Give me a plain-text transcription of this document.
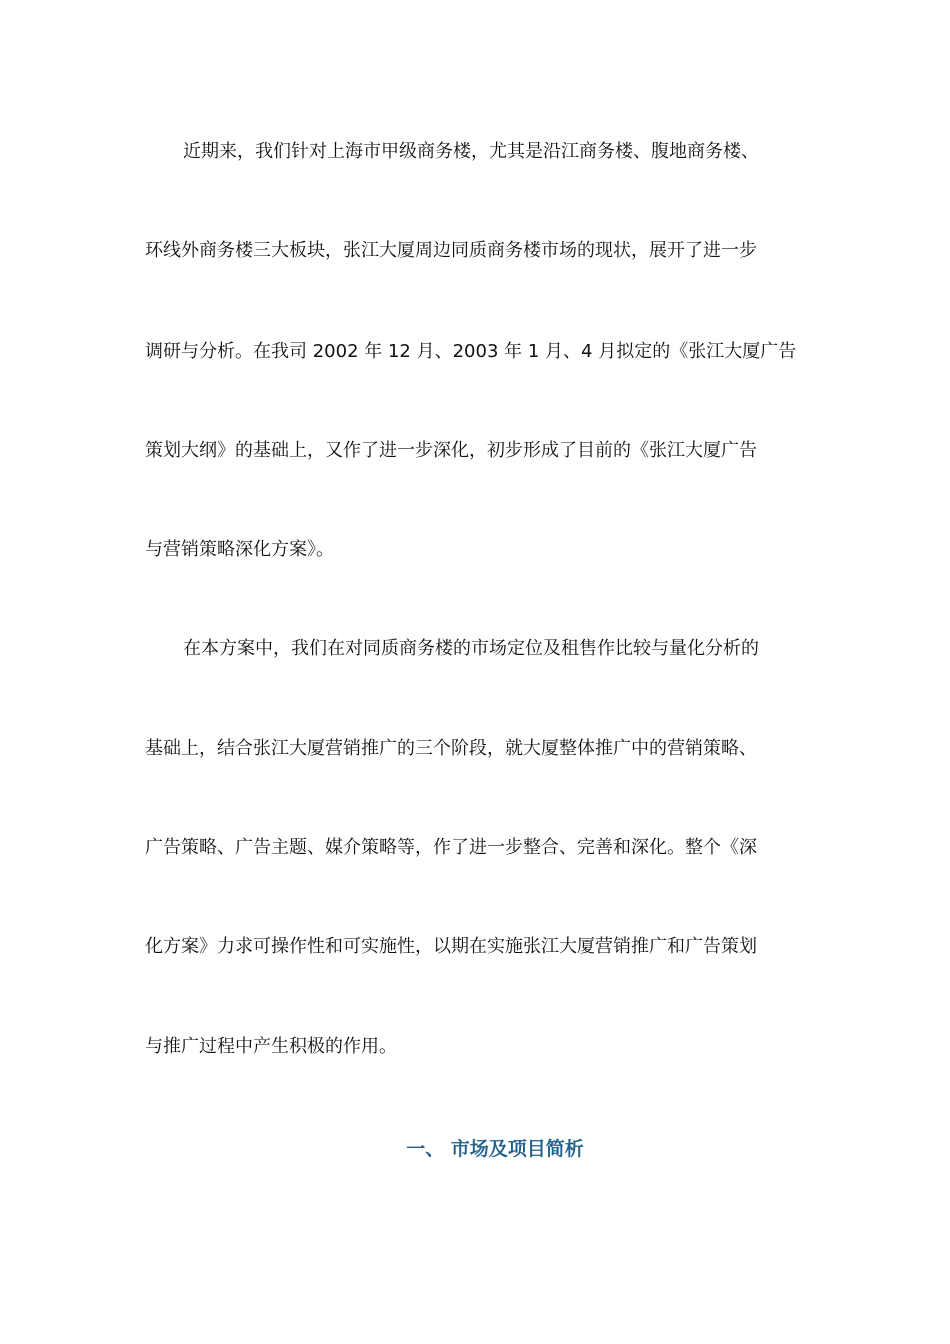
近期来，我们针对上海市甲级商务楼，尤其是沿江商务楼、腹地商务楼、
环线外商务楼三大板块，张江大厦周边同质商务楼市场的现状，展开了进一步
调研与分析。在我司 2002 年 12 月、2003 年 1 月、4 月拟定的《张江大厦广告
策划大纲》的基础上，又作了进一步深化，初步形成了目前的《张江大厦广告
与营销策略深化方案》。
在本方案中，我们在对同质商务楼的市场定位及租售作比较与量化分析的
基础上，结合张江大厦营销推广的三个阶段，就大厦整体推广中的营销策略、
广告策略、广告主题、媒介策略等，作了进一步整合、完善和深化。整个《深
化方案》力求可操作性和可实施性，以期在实施张江大厦营销推广和广告策划
与推广过程中产生积极的作用。
一、 市场及项目简析
